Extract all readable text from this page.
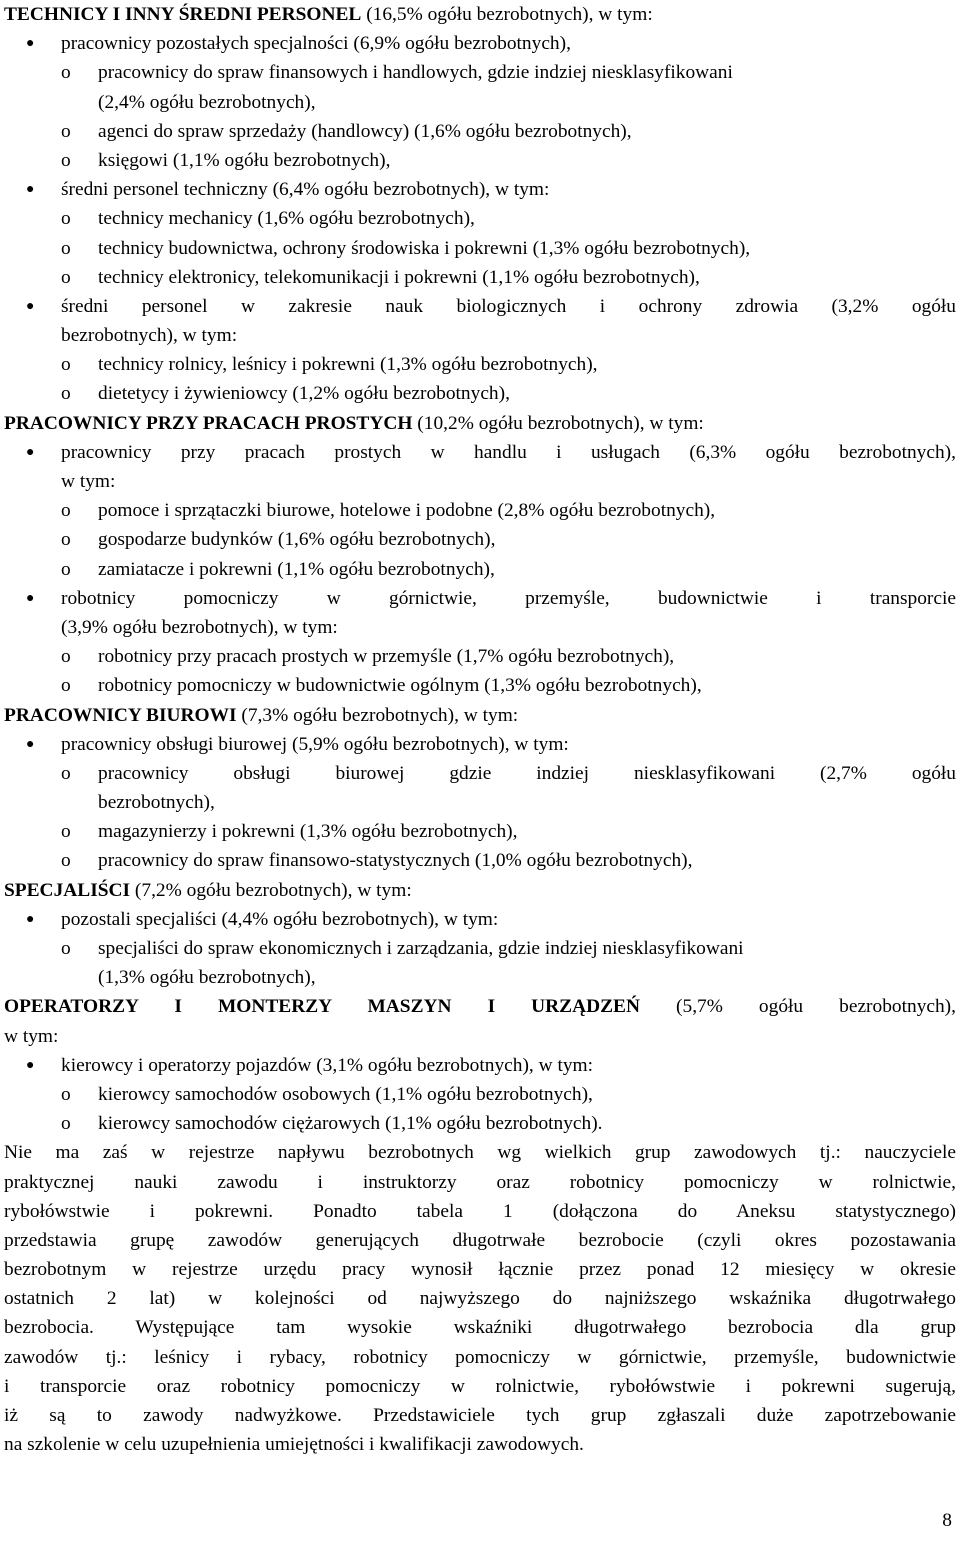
TECHNICY I INNY ŚREDNI PERSONEL (16,5% ogółu bezrobotnych), w tym:
● pracownicy pozostałych specjalności (6,9% ogółu bezrobotnych),
o pracownicy do spraw finansowych i handlowych, gdzie indziej niesklasyfikowani
(2,4% ogółu bezrobotnych),
o agenci do spraw sprzedaży (handlowcy) (1,6% ogółu bezrobotnych),
o księgowi (1,1% ogółu bezrobotnych),
● średni personel techniczny (6,4% ogółu bezrobotnych), w tym:
o technicy mechanicy (1,6% ogółu bezrobotnych),
o technicy budownictwa, ochrony środowiska i pokrewni (1,3% ogółu bezrobotnych),
o technicy elektronicy, telekomunikacji i pokrewni (1,1% ogółu bezrobotnych),
● średni personel w zakresie nauk biologicznych i ochrony zdrowia (3,2% ogółu
bezrobotnych), w tym:
o technicy rolnicy, leśnicy i pokrewni (1,3% ogółu bezrobotnych),
o dietetycy i żywieniowcy (1,2% ogółu bezrobotnych),
PRACOWNICY PRZY PRACACH PROSTYCH (10,2% ogółu bezrobotnych), w tym:
● pracownicy przy pracach prostych w handlu i usługach (6,3% ogółu bezrobotnych),
w tym:
o pomoce i sprzątaczki biurowe, hotelowe i podobne (2,8% ogółu bezrobotnych),
o gospodarze budynków (1,6% ogółu bezrobotnych),
o zamiatacze i pokrewni (1,1% ogółu bezrobotnych),
● robotnicy pomocniczy w górnictwie, przemyśle, budownictwie i transporcie
(3,9% ogółu bezrobotnych), w tym:
o robotnicy przy pracach prostych w przemyśle (1,7% ogółu bezrobotnych),
o robotnicy pomocniczy w budownictwie ogólnym (1,3% ogółu bezrobotnych),
PRACOWNICY BIUROWI (7,3% ogółu bezrobotnych), w tym:
● pracownicy obsługi biurowej (5,9% ogółu bezrobotnych), w tym:
o pracownicy obsługi biurowej gdzie indziej niesklasyfikowani (2,7% ogółu
bezrobotnych),
o magazynierzy i pokrewni (1,3% ogółu bezrobotnych),
o pracownicy do spraw finansowo-statystycznych (1,0% ogółu bezrobotnych),
SPECJALIŚCI (7,2% ogółu bezrobotnych), w tym:
● pozostali specjaliści (4,4% ogółu bezrobotnych), w tym:
o specjaliści do spraw ekonomicznych i zarządzania, gdzie indziej niesklasyfikowani
(1,3% ogółu bezrobotnych),
OPERATORZY I MONTERZY MASZYN I URZĄDZEŃ (5,7% ogółu bezrobotnych),
w tym:
● kierowcy i operatorzy pojazdów (3,1% ogółu bezrobotnych), w tym:
o kierowcy samochodów osobowych (1,1% ogółu bezrobotnych),
o kierowcy samochodów ciężarowych (1,1% ogółu bezrobotnych).
Nie ma zaś w rejestrze napływu bezrobotnych wg wielkich grup zawodowych tj.: nauczyciele
praktycznej nauki zawodu i instruktorzy oraz robotnicy pomocniczy w rolnictwie,
rybołówstwie i pokrewni. Ponadto tabela 1 (dołączona do Aneksu statystycznego)
przedstawia grupę zawodów generujących długotrwałe bezrobocie (czyli okres pozostawania
bezrobotnym w rejestrze urzędu pracy wynosił łącznie przez ponad 12 miesięcy w okresie
ostatnich 2 lat) w kolejności od najwyższego do najniższego wskaźnika długotrwałego
bezrobocia. Występujące tam wysokie wskaźniki długotrwałego bezrobocia dla grup
zawodów tj.: leśnicy i rybacy, robotnicy pomocniczy w górnictwie, przemyśle, budownictwie
i transporcie oraz robotnicy pomocniczy w rolnictwie, rybołówstwie i pokrewni sugerują,
iż są to zawody nadwyżkowe. Przedstawiciele tych grup zgłaszali duże zapotrzebowanie
na szkolenie w celu uzupełnienia umiejętności i kwalifikacji zawodowych.
8
